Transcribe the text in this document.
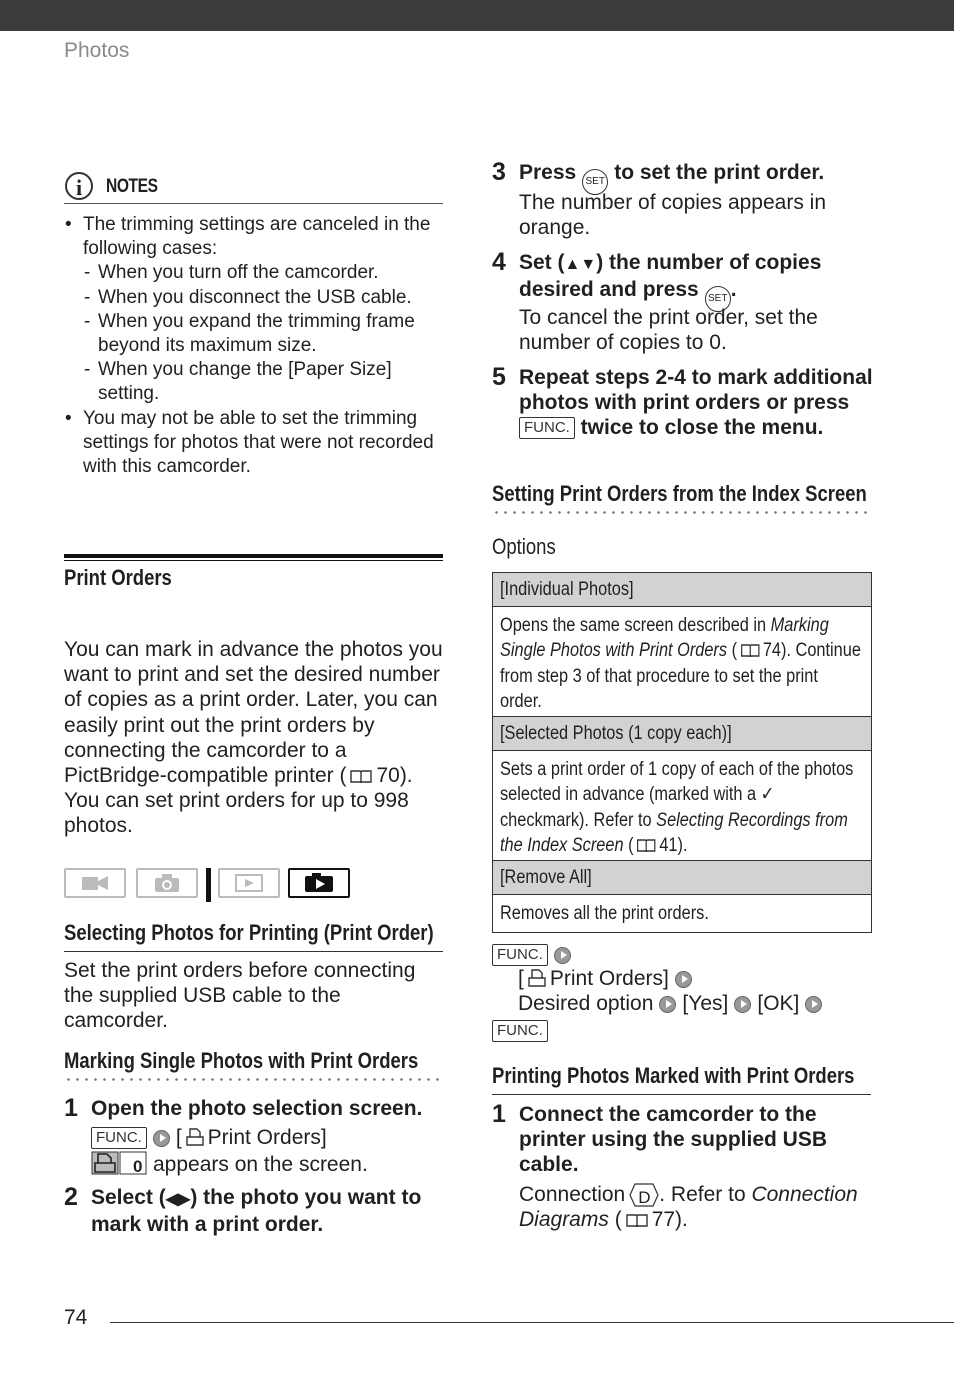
Photos
i	NOTES
• The trimming settings are canceled in the following cases:
- When you turn off the camcorder.
- When you disconnect the USB cable.
- When you expand the trimming frame beyond its maximum size.
- When you change the [Paper Size] setting.
• You may not be able to set the trimming settings for photos that were not recorded with this camcorder.
Print Orders
You can mark in advance the photos you want to print and set the desired number of copies as a print order. Later, you can easily print out the print orders by connecting the camcorder to a PictBridge-compatible printer ( 70). You can set print orders for up to 998 photos.
Selecting Photos for Printing (Print Order)
Set the print orders before connecting the supplied USB cable to the camcorder.
Marking Single Photos with Print Orders
1 Open the photo selection screen.
FUNC. [ Print Orders]
0 appears on the screen.
2 Select (◀▶) the photo you want to mark with a print order.
3 Press SET to set the print order.
The number of copies appears in orange.
4 Set (▲▼) the number of copies desired and press SET .
To cancel the print order, set the number of copies to 0.
5 Repeat steps 2-4 to mark additional photos with print orders or press FUNC. twice to close the menu.
Setting Print Orders from the Index Screen
Options
[Individual Photos]
Opens the same screen described in Marking Single Photos with Print Orders ( 74). Continue from step 3 of that procedure to set the print order.
[Selected Photos (1 copy each)]
Sets a print order of 1 copy of each of the photos selected in advance (marked with a ✓ checkmark). Refer to Selecting Recordings from the Index Screen ( 41).
[Remove All]
Removes all the print orders.
FUNC.
[ Print Orders]
Desired option [Yes] [OK]
FUNC.
Printing Photos Marked with Print Orders
1 Connect the camcorder to the printer using the supplied USB cable.
Connection D . Refer to Connection Diagrams ( 77).
74
